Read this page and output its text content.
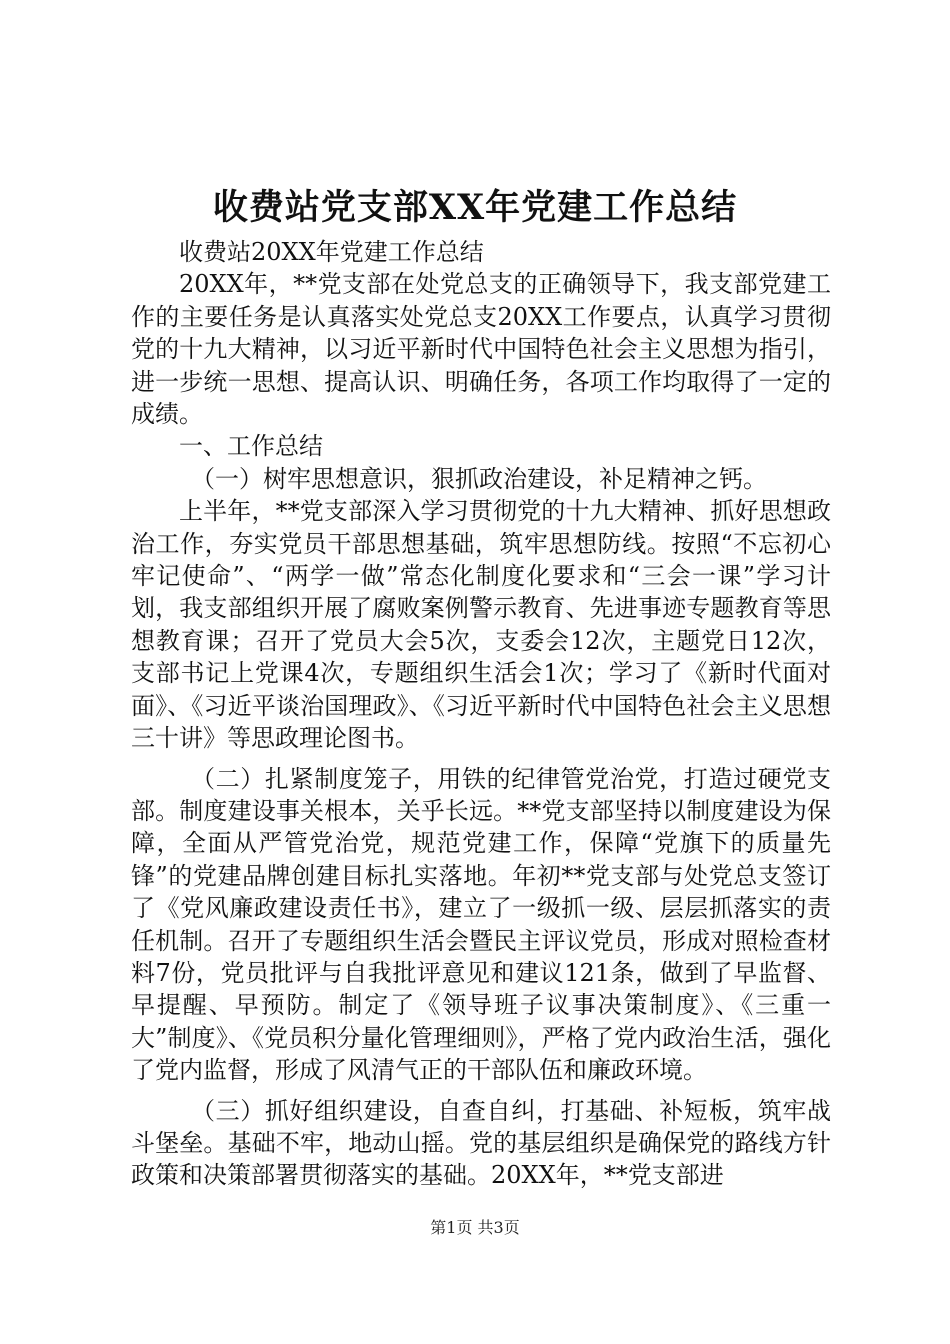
收费站党支部XX年党建工作总结

收费站20XX年党建工作总结

20XX年，**党支部在处党总支的正确领导下，我支部党建工作的主要任务是认真落实处党总支20XX工作要点，认真学习贯彻党的十九大精神，以习近平新时代中国特色社会主义思想为指引，进一步统一思想、提高认识、明确任务，各项工作均取得了一定的成绩。

一、工作总结

（一）树牢思想意识，狠抓政治建设，补足精神之钙。

上半年，**党支部深入学习贯彻党的十九大精神、抓好思想政治工作，夯实党员干部思想基础，筑牢思想防线。按照“不忘初心牢记使命”、“两学一做”常态化制度化要求和“三会一课”学习计划，我支部组织开展了腐败案例警示教育、先进事迹专题教育等思想教育课；召开了党员大会5次，支委会12次，主题党日12次，支部书记上党课4次，专题组织生活会1次；学习了《新时代面对面》、《习近平谈治国理政》、《习近平新时代中国特色社会主义思想三十讲》等思政理论图书。

（二）扎紧制度笼子，用铁的纪律管党治党，打造过硬党支部。制度建设事关根本，关乎长远。**党支部坚持以制度建设为保障，全面从严管党治党，规范党建工作，保障“党旗下的质量先锋”的党建品牌创建目标扎实落地。年初**党支部与处党总支签订了《党风廉政建设责任书》，建立了一级抓一级、层层抓落实的责任机制。召开了专题组织生活会暨民主评议党员，形成对照检查材料7份，党员批评与自我批评意见和建议121条，做到了早监督、早提醒、早预防。制定了《领导班子议事决策制度》、《三重一大”制度》、《党员积分量化管理细则》，严格了党内政治生活，强化了党内监督，形成了风清气正的干部队伍和廉政环境。

（三）抓好组织建设，自查自纠，打基础、补短板，筑牢战斗堡垒。基础不牢，地动山摇。党的基层组织是确保党的路线方针政策和决策部署贯彻落实的基础。20XX年，**党支部进

第1页 共3页
